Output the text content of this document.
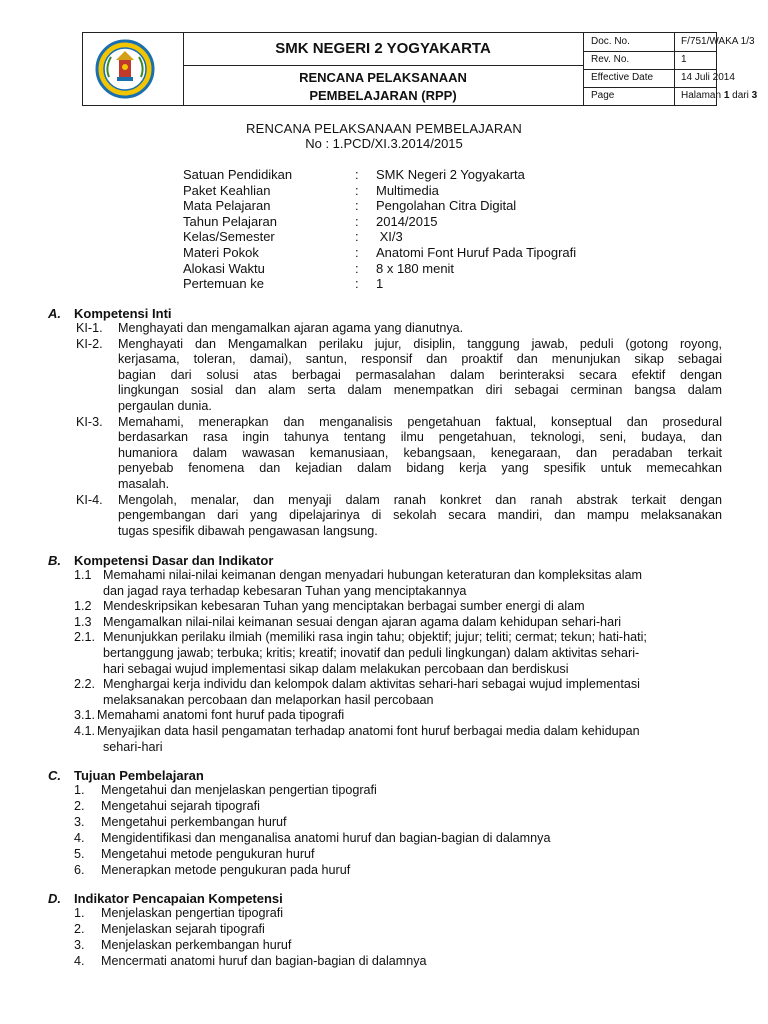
SMK NEGERI 2 YOGYAKARTA
RENCANA PELAKSANAAN
PEMBELAJARAN (RPP)
Doc. No.	F/751/WAKA 1/3
Rev. No.	1
Effective Date	14 Juli 2014
Page	Halaman 1 dari 3
RENCANA PELAKSANAAN PEMBELAJARAN
No : 1.PCD/XI.3.2014/2015
Satuan Pendidikan	: SMK Negeri 2 Yogyakarta
Paket Keahlian	: Multimedia
Mata Pelajaran	: Pengolahan Citra Digital
Tahun Pelajaran	: 2014/2015
Kelas/Semester	: XI/3
Materi Pokok	: Anatomi Font Huruf Pada Tipografi
Alokasi Waktu	: 8 x 180 menit
Pertemuan ke	: 1
A. Kompetensi Inti
KI-1. Menghayati dan mengamalkan ajaran agama yang dianutnya.
KI-2. Menghayati dan Mengamalkan perilaku jujur, disiplin, tanggung jawab, peduli (gotong royong,
kerjasama, toleran, damai), santun, responsif dan proaktif dan menunjukan sikap sebagai
bagian dari solusi atas berbagai permasalahan dalam berinteraksi secara efektif dengan
lingkungan sosial dan alam serta dalam menempatkan diri sebagai cerminan bangsa dalam
pergaulan dunia.
KI-3. Memahami, menerapkan dan menganalisis pengetahuan faktual, konseptual dan prosedural
berdasarkan rasa ingin tahunya tentang ilmu pengetahuan, teknologi, seni, budaya, dan
humaniora dalam wawasan kemanusiaan, kebangsaan, kenegaraan, dan peradaban terkait
penyebab fenomena dan kejadian dalam bidang kerja yang spesifik untuk memecahkan
masalah.
KI-4. Mengolah, menalar, dan menyaji dalam ranah konkret dan ranah abstrak terkait dengan
pengembangan dari yang dipelajarinya di sekolah secara mandiri, dan mampu melaksanakan
tugas spesifik dibawah pengawasan langsung.
B. Kompetensi Dasar dan Indikator
1.1 Memahami nilai-nilai keimanan dengan menyadari hubungan keteraturan dan kompleksitas alam
dan jagad raya terhadap kebesaran Tuhan yang menciptakannya
1.2 Mendeskripsikan kebesaran Tuhan yang menciptakan berbagai sumber energi di alam
1.3 Mengamalkan nilai-nilai keimanan sesuai dengan ajaran agama dalam kehidupan sehari-hari
2.1. Menunjukkan perilaku ilmiah (memiliki rasa ingin tahu; objektif; jujur; teliti; cermat; tekun; hati-hati;
bertanggung jawab; terbuka; kritis; kreatif; inovatif dan peduli lingkungan) dalam aktivitas sehari-
hari sebagai wujud implementasi sikap dalam melakukan percobaan dan berdiskusi
2.2. Menghargai kerja individu dan kelompok dalam aktivitas sehari-hari sebagai wujud implementasi
melaksanakan percobaan dan melaporkan hasil percobaan
3.1. Memahami anatomi font huruf pada tipografi
4.1. Menyajikan data hasil pengamatan terhadap anatomi font huruf berbagai media dalam kehidupan
sehari-hari
C. Tujuan Pembelajaran
1. Mengetahui dan menjelaskan pengertian tipografi
2. Mengetahui sejarah tipografi
3. Mengetahui perkembangan huruf
4. Mengidentifikasi dan menganalisa anatomi huruf dan bagian-bagian di dalamnya
5. Mengetahui metode pengukuran huruf
6. Menerapkan metode pengukuran pada huruf
D. Indikator Pencapaian Kompetensi
1. Menjelaskan pengertian tipografi
2. Menjelaskan sejarah tipografi
3. Menjelaskan perkembangan huruf
4. Mencermati anatomi huruf dan bagian-bagian di dalamnya
